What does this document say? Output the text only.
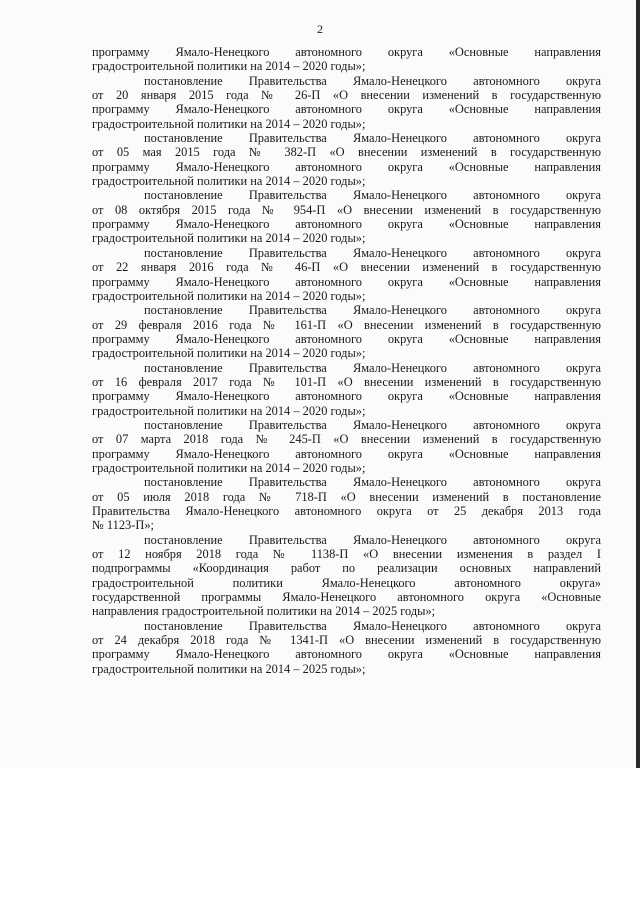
2
программу Ямало-Ненецкого автономного округа «Основные направления
градостроительной политики на 2014 – 2020 годы»;
постановление Правительства Ямало-Ненецкого автономного округа
от 20 января 2015 года № 26-П «О внесении изменений в государственную
программу Ямало-Ненецкого автономного округа «Основные направления
градостроительной политики на 2014 – 2020 годы»;
постановление Правительства Ямало-Ненецкого автономного округа
от 05 мая 2015 года № 382-П «О внесении изменений в государственную
программу Ямало-Ненецкого автономного округа «Основные направления
градостроительной политики на 2014 – 2020 годы»;
постановление Правительства Ямало-Ненецкого автономного округа
от 08 октября 2015 года № 954-П «О внесении изменений в государственную
программу Ямало-Ненецкого автономного округа «Основные направления
градостроительной политики на 2014 – 2020 годы»;
постановление Правительства Ямало-Ненецкого автономного округа
от 22 января 2016 года № 46-П «О внесении изменений в государственную
программу Ямало-Ненецкого автономного округа «Основные направления
градостроительной политики на 2014 – 2020 годы»;
постановление Правительства Ямало-Ненецкого автономного округа
от 29 февраля 2016 года № 161-П «О внесении изменений в государственную
программу Ямало-Ненецкого автономного округа «Основные направления
градостроительной политики на 2014 – 2020 годы»;
постановление Правительства Ямало-Ненецкого автономного округа
от 16 февраля 2017 года № 101-П «О внесении изменений в государственную
программу Ямало-Ненецкого автономного округа «Основные направления
градостроительной политики на 2014 – 2020 годы»;
постановление Правительства Ямало-Ненецкого автономного округа
от 07 марта 2018 года № 245-П «О внесении изменений в государственную
программу Ямало-Ненецкого автономного округа «Основные направления
градостроительной политики на 2014 – 2020 годы»;
постановление Правительства Ямало-Ненецкого автономного округа
от 05 июля 2018 года № 718-П «О внесении изменений в постановление
Правительства Ямало-Ненецкого автономного округа от 25 декабря 2013 года
№ 1123-П»;
постановление Правительства Ямало-Ненецкого автономного округа
от 12 ноября 2018 года № 1138-П «О внесении изменения в раздел I
подпрограммы «Координация работ по реализации основных направлений
градостроительной политики Ямало-Ненецкого автономного округа»
государственной программы Ямало-Ненецкого автономного округа «Основные
направления градостроительной политики на 2014 – 2025 годы»;
постановление Правительства Ямало-Ненецкого автономного округа
от 24 декабря 2018 года № 1341-П «О внесении изменений в государственную
программу Ямало-Ненецкого автономного округа «Основные направления
градостроительной политики на 2014 – 2025 годы»;
